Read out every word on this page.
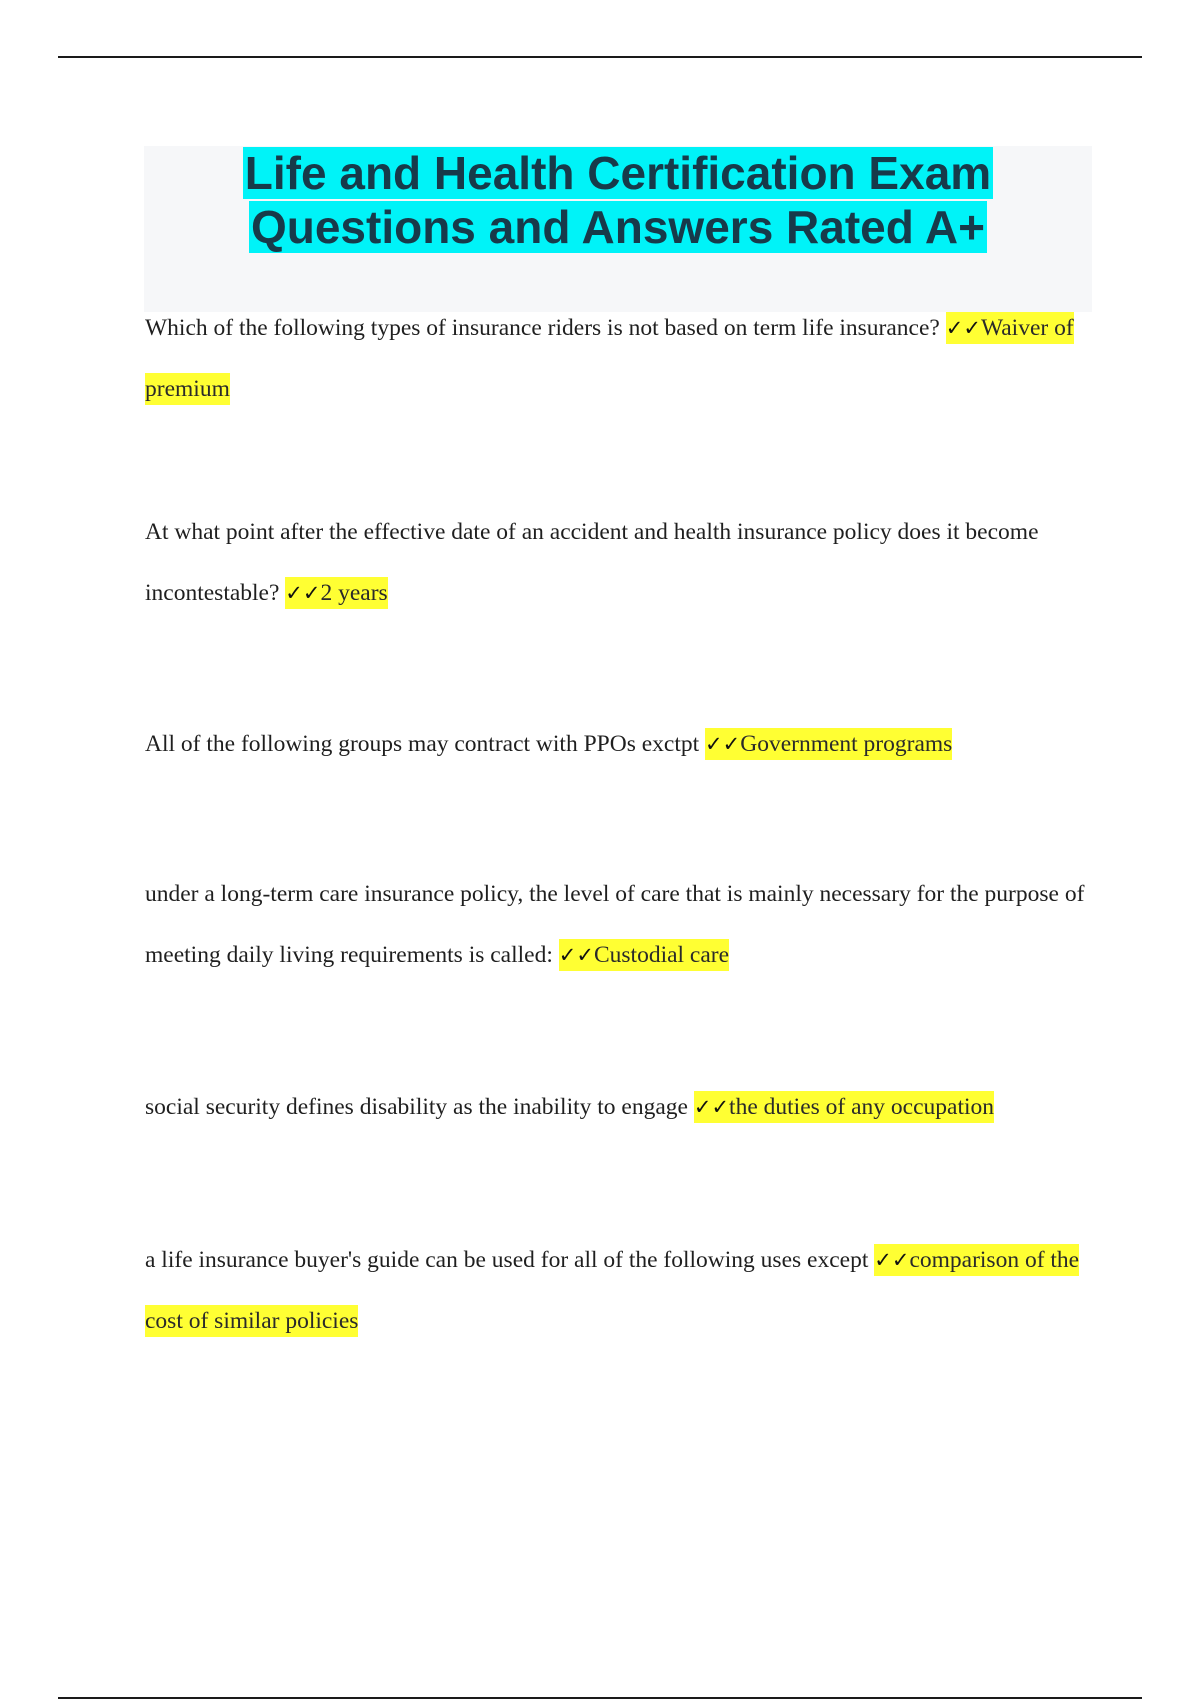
Life and Health Certification Exam
Questions and Answers Rated A+
Which of the following types of insurance riders is not based on term life insurance? ✓✓Waiver of premium
At what point after the effective date of an accident and health insurance policy does it become incontestable? ✓✓2 years
All of the following groups may contract with PPOs exctpt ✓✓Government programs
under a long-term care insurance policy, the level of care that is mainly necessary for the purpose of meeting daily living requirements is called: ✓✓Custodial care
social security defines disability as the inability to engage ✓✓the duties of any occupation
a life insurance buyer's guide can be used for all of the following uses except ✓✓comparison of the cost of similar policies
